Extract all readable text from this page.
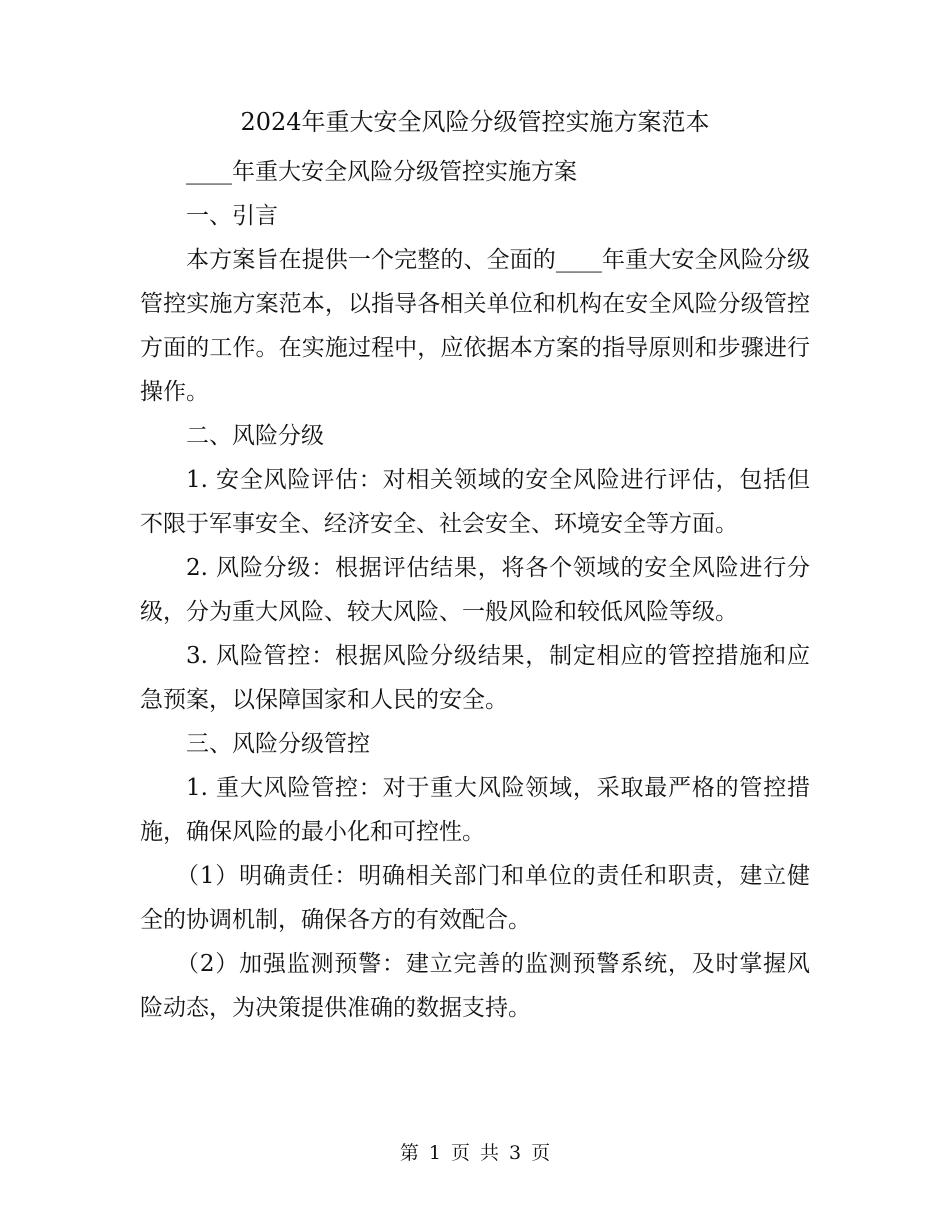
2024年重大安全风险分级管控实施方案范本

____年重大安全风险分级管控实施方案

一、引言

本方案旨在提供一个完整的、全面的____年重大安全风险分级管控实施方案范本，以指导各相关单位和机构在安全风险分级管控方面的工作。在实施过程中，应依据本方案的指导原则和步骤进行操作。

二、风险分级

1. 安全风险评估：对相关领域的安全风险进行评估，包括但不限于军事安全、经济安全、社会安全、环境安全等方面。

2. 风险分级：根据评估结果，将各个领域的安全风险进行分级，分为重大风险、较大风险、一般风险和较低风险等级。

3. 风险管控：根据风险分级结果，制定相应的管控措施和应急预案，以保障国家和人民的安全。

三、风险分级管控

1. 重大风险管控：对于重大风险领域，采取最严格的管控措施，确保风险的最小化和可控性。

（1）明确责任：明确相关部门和单位的责任和职责，建立健全的协调机制，确保各方的有效配合。

（2）加强监测预警：建立完善的监测预警系统，及时掌握风险动态，为决策提供准确的数据支持。

第 1 页 共 3 页
